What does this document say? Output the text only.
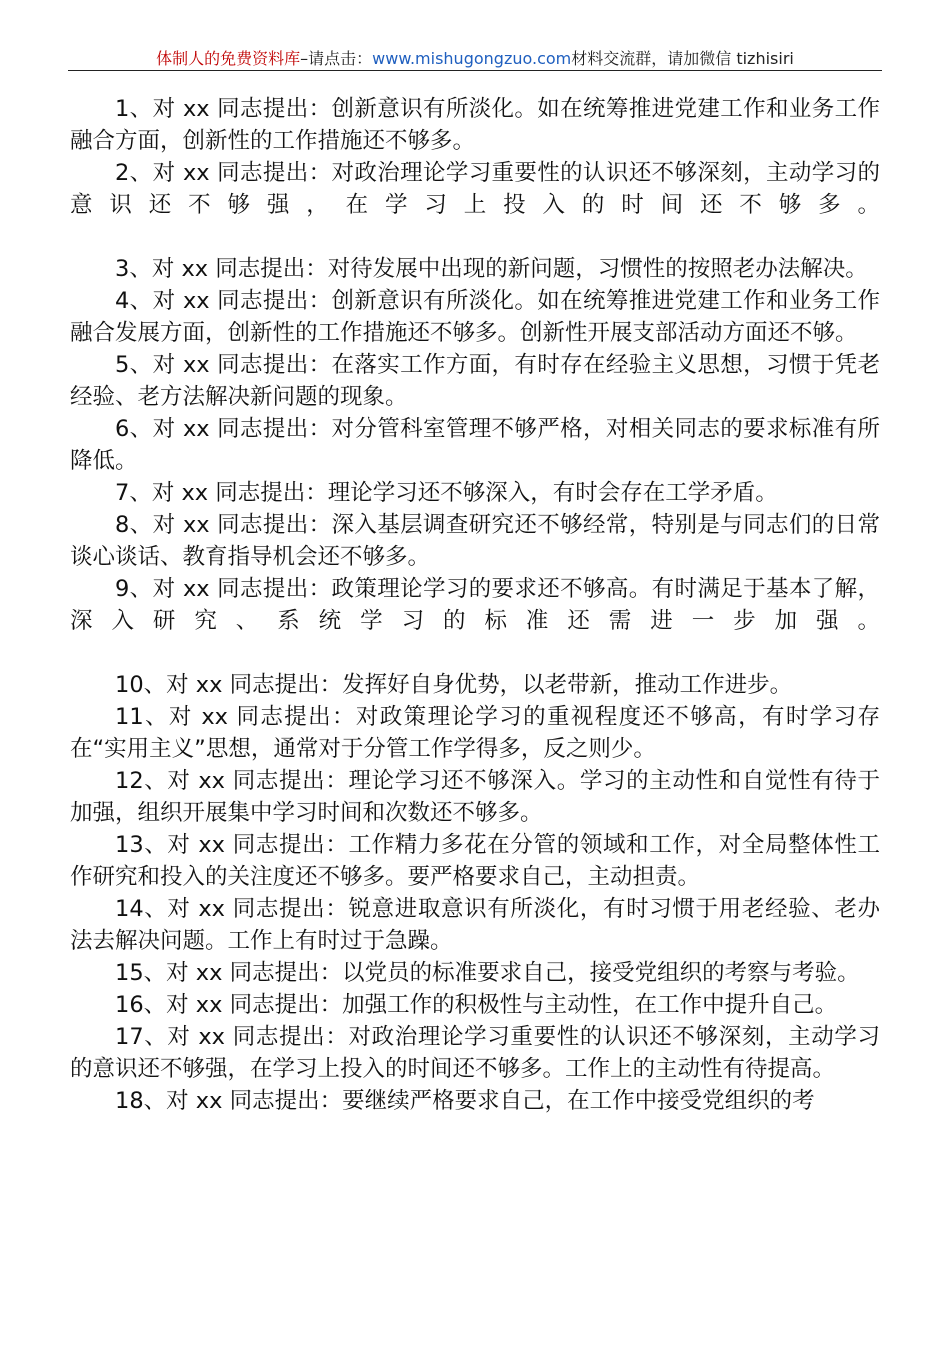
体制人的免费资料库–请点击：www.mishugongzuo.com材料交流群，请加微信 tizhisiri

1、对 xx 同志提出：创新意识有所淡化。如在统筹推进党建工作和业务工作融合方面，创新性的工作措施还不够多。

2、对 xx 同志提出：对政治理论学习重要性的认识还不够深刻，主动学习的意识还不够强，在学习上投入的时间还不够多。

3、对 xx 同志提出：对待发展中出现的新问题，习惯性的按照老办法解决。

4、对 xx 同志提出：创新意识有所淡化。如在统筹推进党建工作和业务工作融合发展方面，创新性的工作措施还不够多。创新性开展支部活动方面还不够。

5、对 xx 同志提出：在落实工作方面，有时存在经验主义思想，习惯于凭老经验、老方法解决新问题的现象。

6、对 xx 同志提出：对分管科室管理不够严格，对相关同志的要求标准有所降低。

7、对 xx 同志提出：理论学习还不够深入，有时会存在工学矛盾。

8、对 xx 同志提出：深入基层调查研究还不够经常，特别是与同志们的日常谈心谈话、教育指导机会还不够多。

9、对 xx 同志提出：政策理论学习的要求还不够高。有时满足于基本了解，深入研究、系统学习的标准还需进一步加强。

10、对 xx 同志提出：发挥好自身优势，以老带新，推动工作进步。

11、对 xx 同志提出：对政策理论学习的重视程度还不够高，有时学习存在“实用主义”思想，通常对于分管工作学得多，反之则少。

12、对 xx 同志提出：理论学习还不够深入。学习的主动性和自觉性有待于加强，组织开展集中学习时间和次数还不够多。

13、对 xx 同志提出：工作精力多花在分管的领域和工作，对全局整体性工作研究和投入的关注度还不够多。要严格要求自己，主动担责。

14、对 xx 同志提出：锐意进取意识有所淡化，有时习惯于用老经验、老办法去解决问题。工作上有时过于急躁。

15、对 xx 同志提出：以党员的标准要求自己，接受党组织的考察与考验。

16、对 xx 同志提出：加强工作的积极性与主动性，在工作中提升自己。

17、对 xx 同志提出：对政治理论学习重要性的认识还不够深刻，主动学习的意识还不够强，在学习上投入的时间还不够多。工作上的主动性有待提高。

18、对 xx 同志提出：要继续严格要求自己，在工作中接受党组织的考
